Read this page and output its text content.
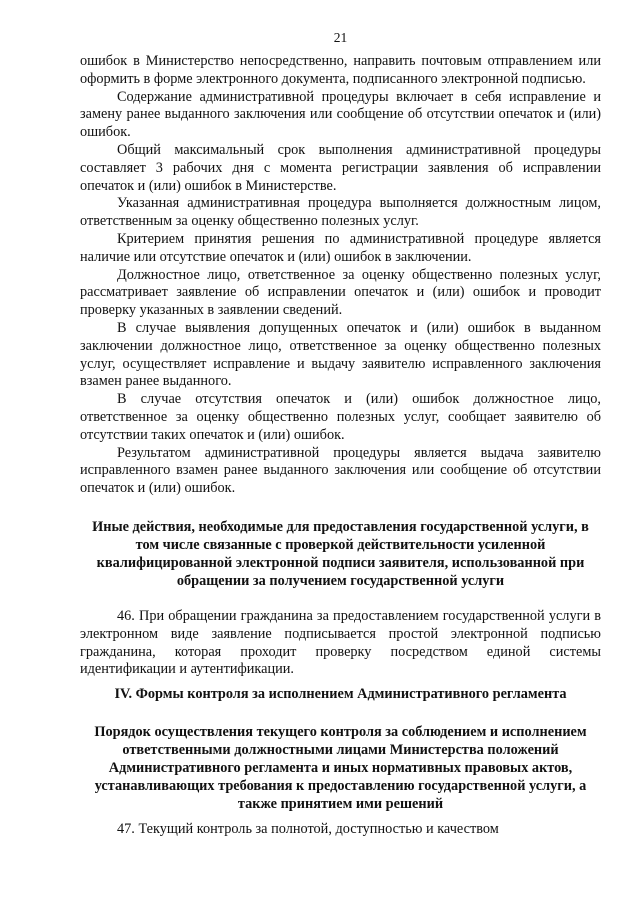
21

ошибок в Министерство непосредственно, направить почтовым отправлением или оформить в форме электронного документа, подписанного электронной подписью.

Содержание административной процедуры включает в себя исправление и замену ранее выданного заключения или сообщение об отсутствии опечаток и (или) ошибок.

Общий максимальный срок выполнения административной процедуры составляет 3 рабочих дня с момента регистрации заявления об исправлении опечаток и (или) ошибок в Министерстве.

Указанная административная процедура выполняется должностным лицом, ответственным за оценку общественно полезных услуг.

Критерием принятия решения по административной процедуре является наличие или отсутствие опечаток и (или) ошибок в заключении.

Должностное лицо, ответственное за оценку общественно полезных услуг, рассматривает заявление об исправлении опечаток и (или) ошибок и проводит проверку указанных в заявлении сведений.

В случае выявления допущенных опечаток и (или) ошибок в выданном заключении должностное лицо, ответственное за оценку общественно полезных услуг, осуществляет исправление и выдачу заявителю исправленного заключения взамен ранее выданного.

В случае отсутствия опечаток и (или) ошибок должностное лицо, ответственное за оценку общественно полезных услуг, сообщает заявителю об отсутствии таких опечаток и (или) ошибок.

Результатом административной процедуры является выдача заявителю исправленного взамен ранее выданного заключения или сообщение об отсутствии опечаток и (или) ошибок.

Иные действия, необходимые для предоставления государственной услуги, в том числе связанные с проверкой действительности усиленной квалифицированной электронной подписи заявителя, использованной при обращении за получением государственной услуги

46. При обращении гражданина за предоставлением государственной услуги в электронном виде заявление подписывается простой электронной подписью гражданина, которая проходит проверку посредством единой системы идентификации и аутентификации.

IV. Формы контроля за исполнением Административного регламента
Порядок осуществления текущего контроля за соблюдением и исполнением ответственными должностными лицами Министерства положений Административного регламента и иных нормативных правовых актов, устанавливающих требования к предоставлению государственной услуги, а также принятием ими решений

47. Текущий контроль за полнотой, доступностью и качеством
